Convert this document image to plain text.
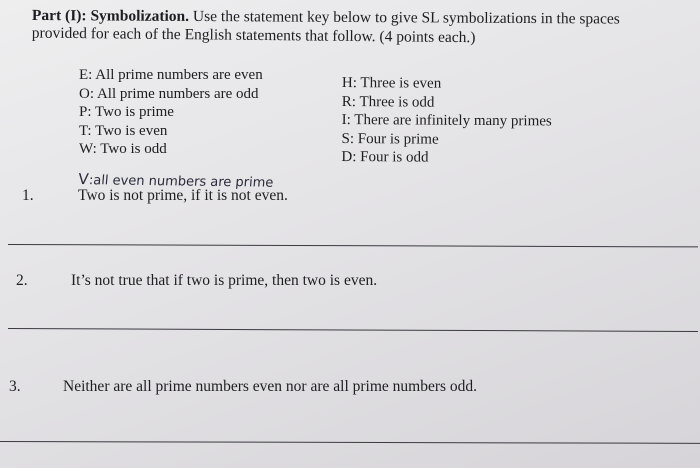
Part (I): Symbolization. Use the statement key below to give SL symbolizations in the spaces
provided for each of the English statements that follow. (4 points each.)
E: All prime numbers are even
O: All prime numbers are odd
P: Two is prime
T: Two is even
W: Two is odd
H: Three is even
R: Three is odd
I: There are infinitely many primes
S: Four is prime
D: Four is odd
V:all even numbers are prime
1.	Two is not prime, if it is not even.
2.	It’s not true that if two is prime, then two is even.
3.	Neither are all prime numbers even nor are all prime numbers odd.
